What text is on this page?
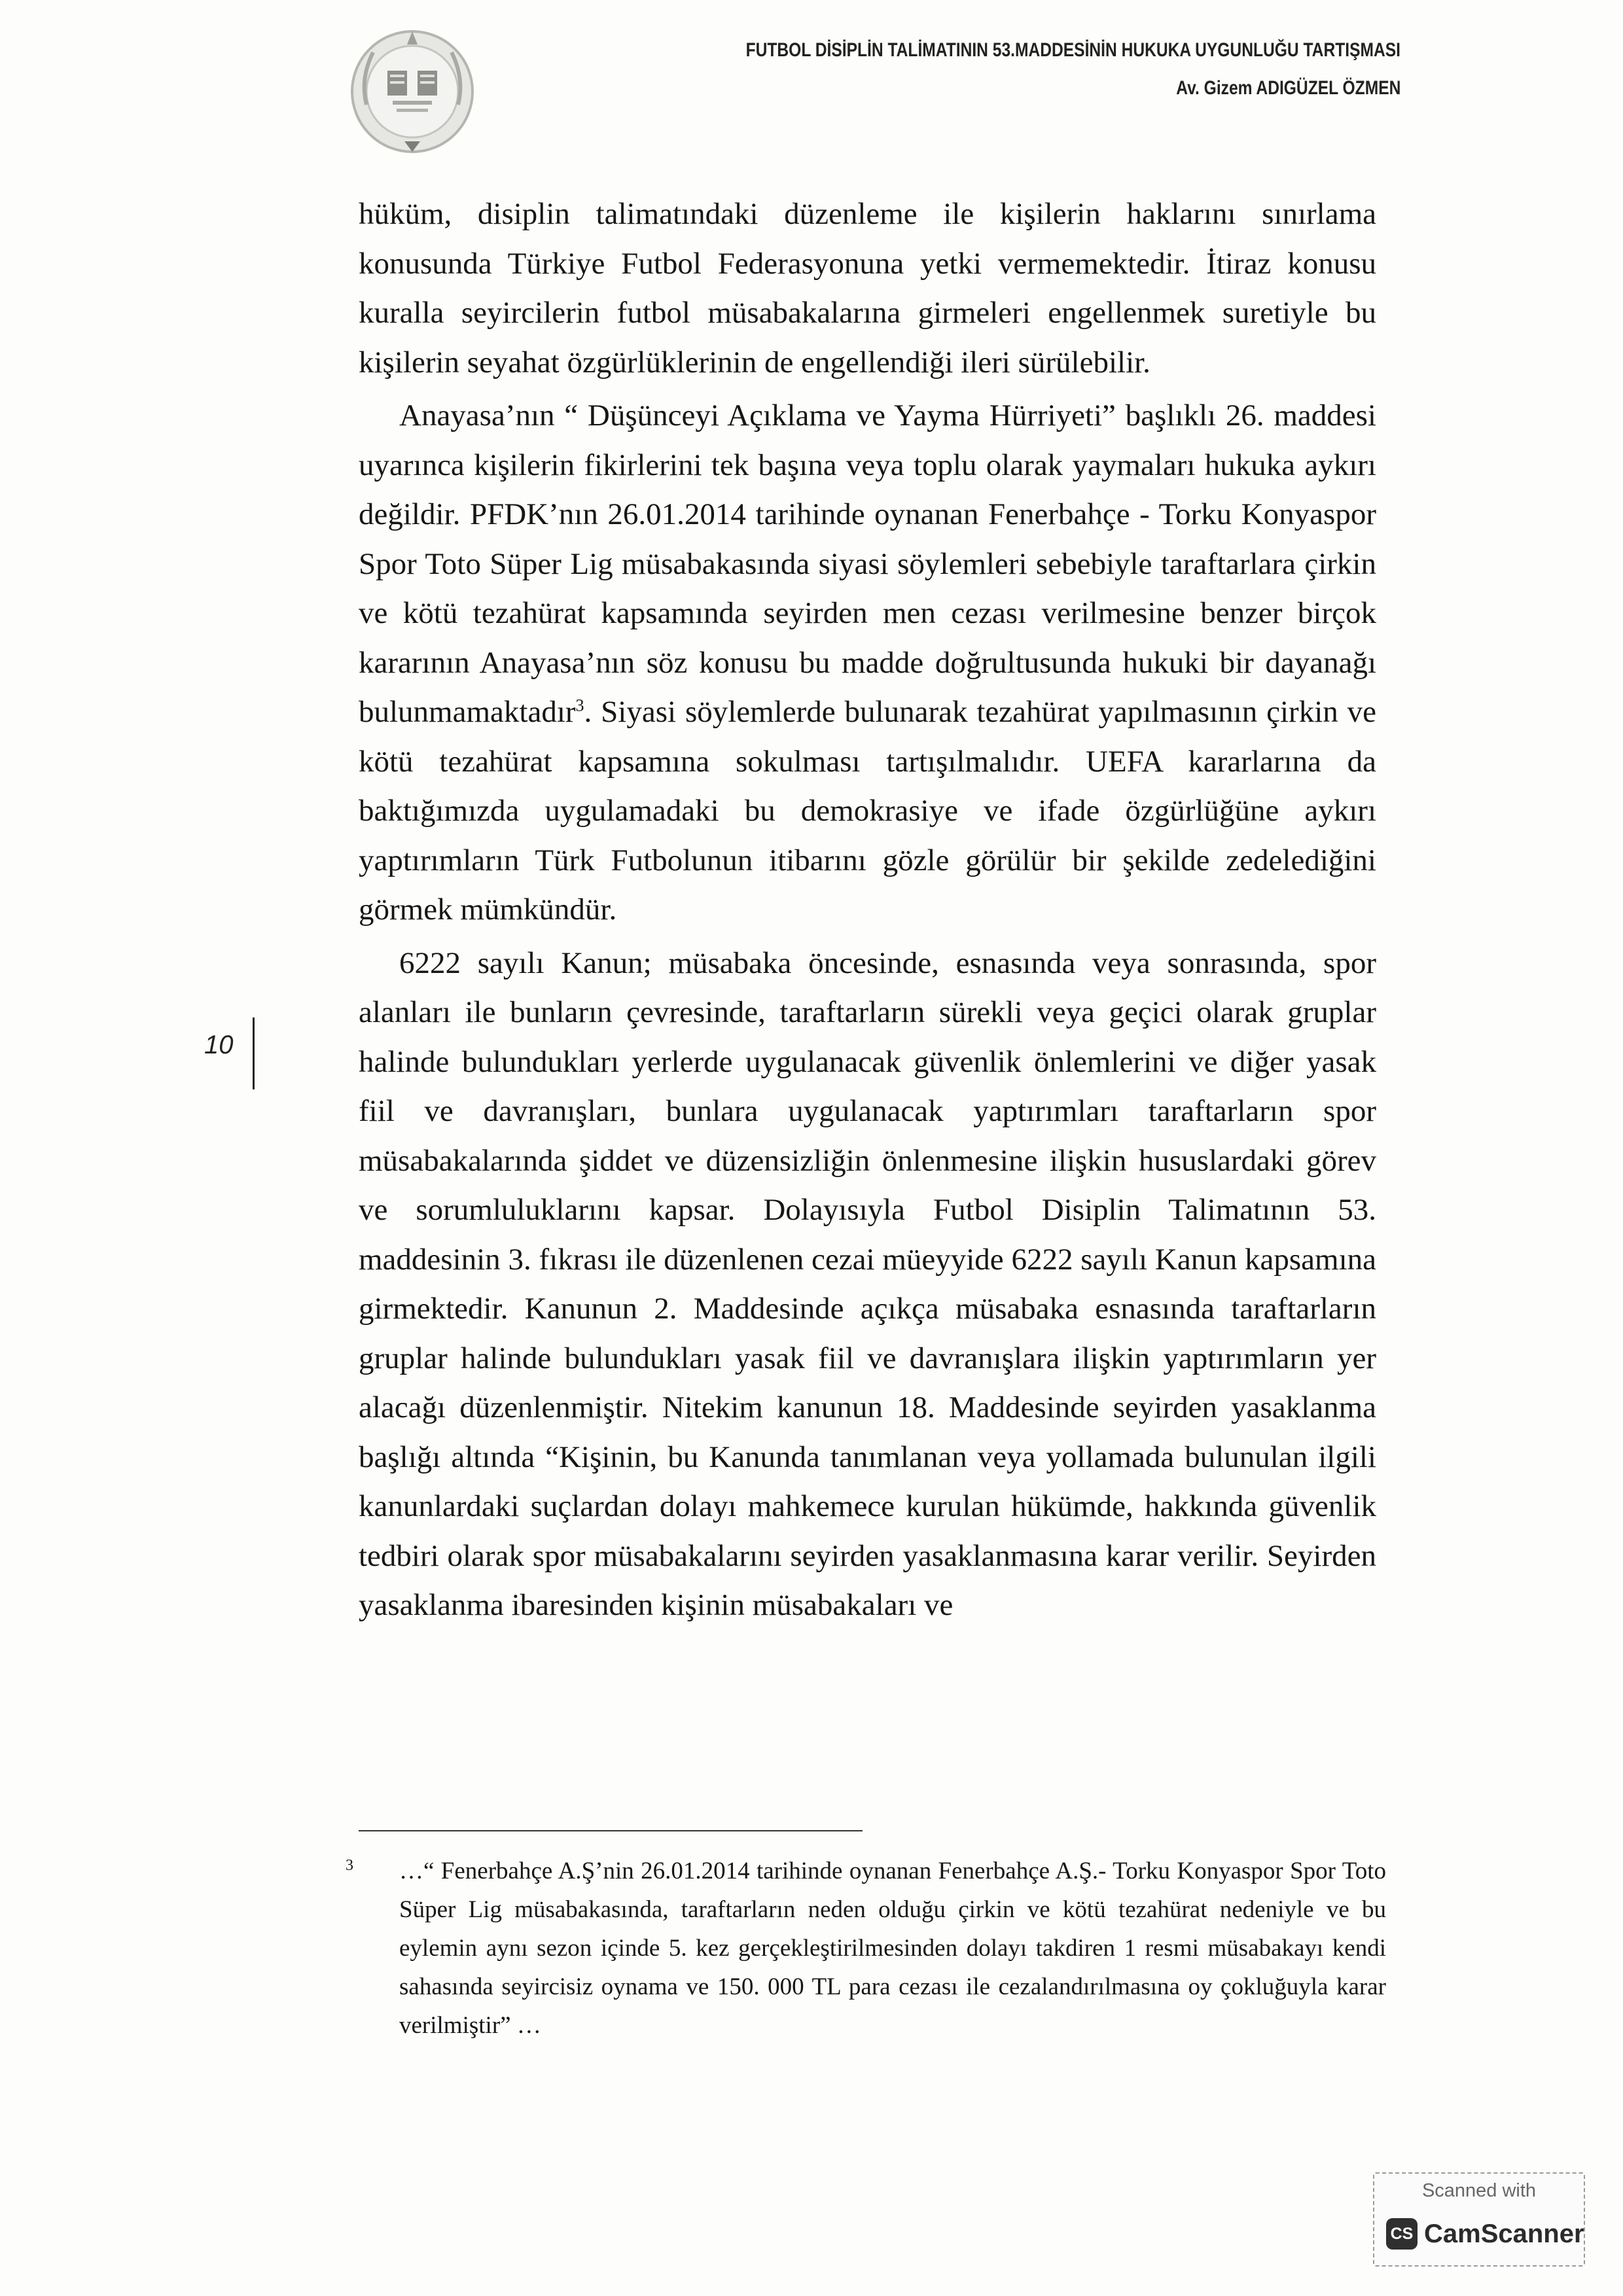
FUTBOL DİSİPLİN TALİMATININ 53.MADDESİNİN HUKUKA UYGUNLUĞU TARTIŞMASI
Av. Gizem ADIGÜZEL ÖZMEN

hüküm, disiplin talimatındaki düzenleme ile kişilerin haklarını sınırlama konusunda Türkiye Futbol Federasyonuna yetki vermemektedir. İtiraz konusu kuralla seyircilerin futbol müsabakalarına girmeleri engellenmek suretiyle bu kişilerin seyahat özgürlüklerinin de engellendiği ileri sürülebilir.

Anayasa’nın “ Düşünceyi Açıklama ve Yayma Hürriyeti” başlıklı 26. maddesi uyarınca kişilerin fikirlerini tek başına veya toplu olarak yaymaları hukuka aykırı değildir. PFDK’nın 26.01.2014 tarihinde oynanan Fenerbahçe - Torku Konyaspor Spor Toto Süper Lig müsabakasında siyasi söylemleri sebebiyle taraftarlara çirkin ve kötü tezahürat kapsamında seyirden men cezası verilmesine benzer birçok kararının Anayasa’nın söz konusu bu madde doğrultusunda hukuki bir dayanağı bulunmamaktadır$^3$. Siyasi söylemlerde bulunarak tezahürat yapılmasının çirkin ve kötü tezahürat kapsamına sokulması tartışılmalıdır. UEFA kararlarına da baktığımızda uygulamadaki bu demokrasiye ve ifade özgürlüğüne aykırı yaptırımların Türk Futbolunun itibarını gözle görülür bir şekilde zedelediğini görmek mümkündür.

6222 sayılı Kanun; müsabaka öncesinde, esnasında veya sonrasında, spor alanları ile bunların çevresinde, taraftarların sürekli veya geçici olarak gruplar halinde bulundukları yerlerde uygulanacak güvenlik önlemlerini ve diğer yasak fiil ve davranışları, bunlara uygulanacak yaptırımları taraftarların spor müsabakalarında şiddet ve düzensizliğin önlenmesine ilişkin hususlardaki görev ve sorumluluklarını kapsar. Dolayısıyla Futbol Disiplin Talimatının 53. maddesinin 3. fıkrası ile düzenlenen cezai müeyyide 6222 sayılı Kanun kapsamına girmektedir. Kanunun 2. Maddesinde açıkça müsabaka esnasında taraftarların gruplar halinde bulundukları yasak fiil ve davranışlara ilişkin yaptırımların yer alacağı düzenlenmiştir. Nitekim kanunun 18. Maddesinde seyirden yasaklanma başlığı altında “Kişinin, bu Kanunda tanımlanan veya yollamada bulunulan ilgili kanunlardaki suçlardan dolayı mahkemece kurulan hükümde, hakkında güvenlik tedbiri olarak spor müsabakalarını seyirden yasaklanmasına karar verilir. Seyirden yasaklanma ibaresinden kişinin müsabakaları ve

10
3 …“ Fenerbahçe A.Ş’nin 26.01.2014 tarihinde oynanan Fenerbahçe A.Ş.- Torku Konyaspor Spor Toto Süper Lig müsabakasında, taraftarların neden olduğu çirkin ve kötü tezahürat nedeniyle ve bu eylemin aynı sezon içinde 5. kez gerçekleştirilmesinden dolayı takdiren 1 resmi müsabakayı kendi sahasında seyircisiz oynama ve 150. 000 TL para cezası ile cezalandırılmasına oy çokluğuyla karar verilmiştir” …
Scanned with
CS CamScanner
